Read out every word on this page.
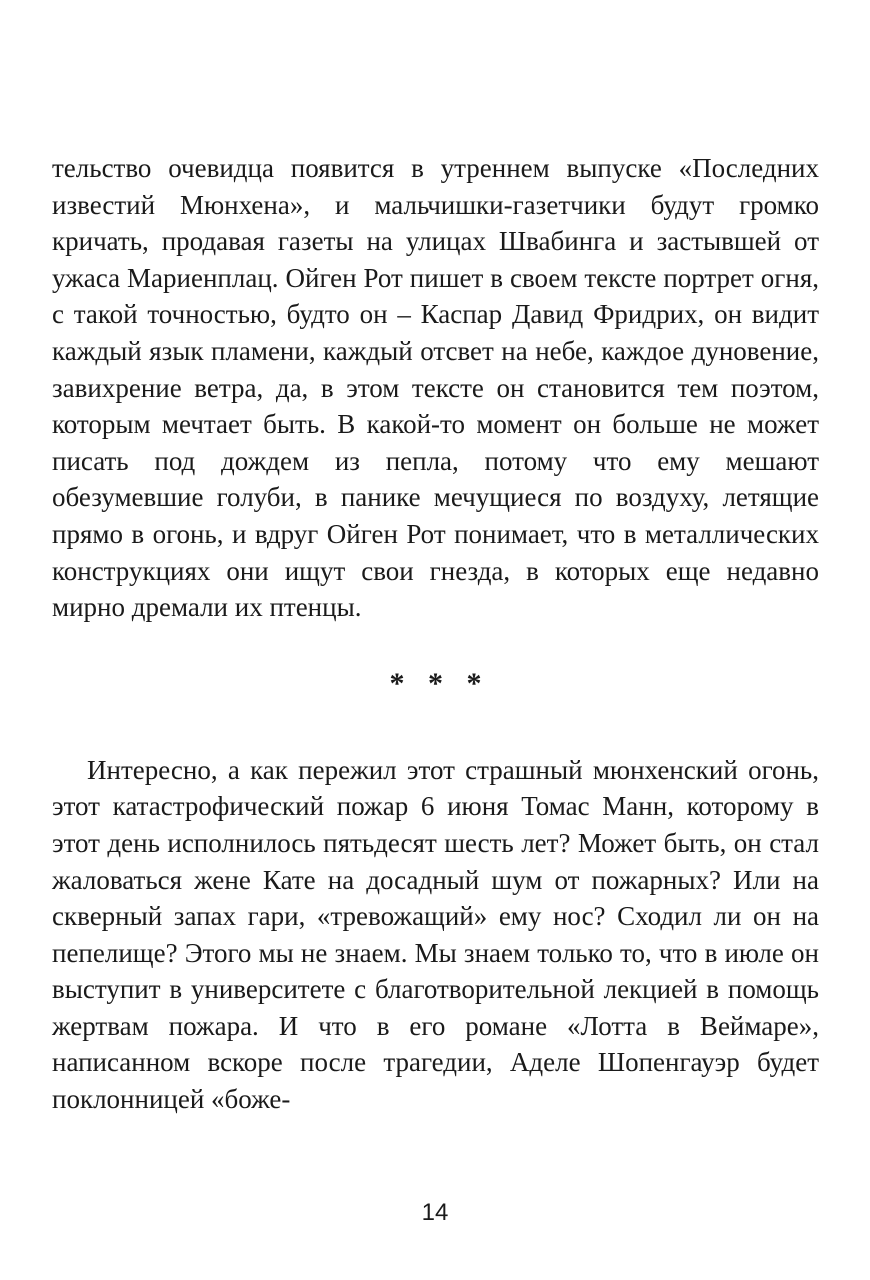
тельство очевидца появится в утреннем выпуске «Последних известий Мюнхена», и мальчишки-газетчики будут громко кричать, продавая газеты на улицах Швабинга и застывшей от ужаса Мариенплац. Ойген Рот пишет в своем тексте портрет огня, с такой точностью, будто он – Каспар Давид Фридрих, он видит каждый язык пламени, каждый отсвет на небе, каждое дуновение, завихрение ветра, да, в этом тексте он становится тем поэтом, которым мечтает быть. В какой-то момент он больше не может писать под дождем из пепла, потому что ему мешают обезумевшие голуби, в панике мечущиеся по воздуху, летящие прямо в огонь, и вдруг Ойген Рот понимает, что в металлических конструкциях они ищут свои гнезда, в которых еще недавно мирно дремали их птенцы.

* * *

Интересно, а как пережил этот страшный мюнхенский огонь, этот катастрофический пожар 6 июня Томас Манн, которому в этот день исполнилось пятьдесят шесть лет? Может быть, он стал жаловаться жене Кате на досадный шум от пожарных? Или на скверный запах гари, «тревожащий» ему нос? Сходил ли он на пепелище? Этого мы не знаем. Мы знаем только то, что в июле он выступит в университете с благотворительной лекцией в помощь жертвам пожара. И что в его романе «Лотта в Веймаре», написанном вскоре после трагедии, Аделе Шопенгауэр будет поклонницей «боже-

14
